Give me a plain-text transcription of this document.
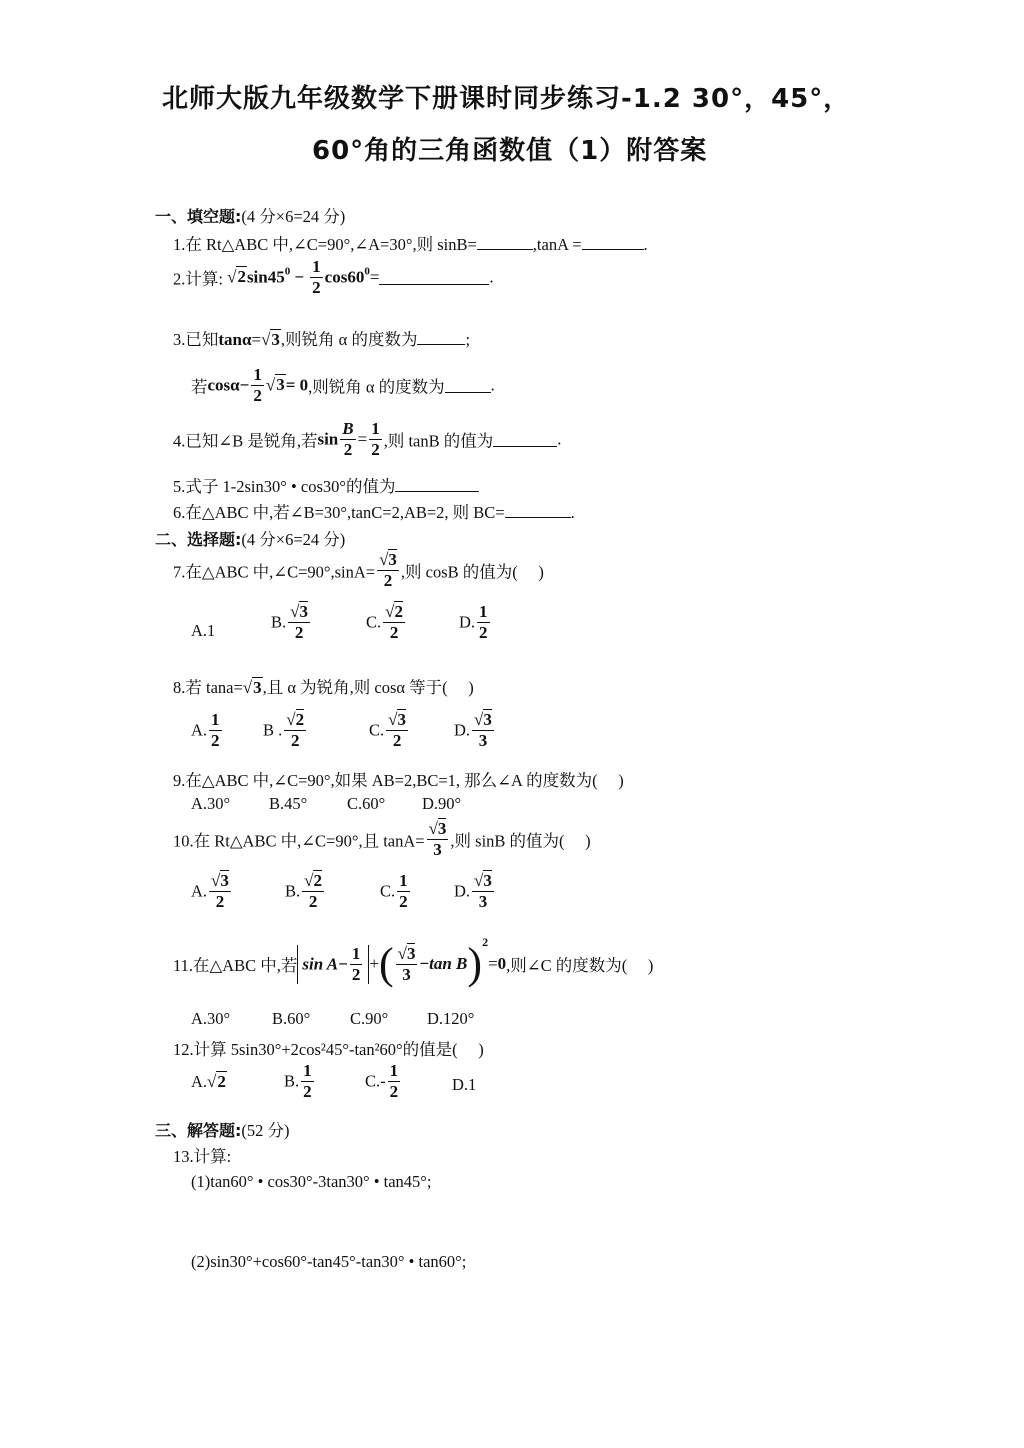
北师大版九年级数学下册课时同步练习-1.2 30°，45°，
60°角的三角函数值（1）附答案
一、填空题:(4 分×6=24 分)
1.在 Rt△ABC 中,∠C=90°,∠A=30°,则 sinB=	,tanA =	.
2.计算: $√2\sin 45^0 - \frac{1}{2} \cos 60^0=$	.
3.已知tanα=√3,则锐角 α 的度数为	;
若$\cos\alpha- \frac{1}{2} √3= 0$,则锐角 α 的度数为	.
4.已知∠B 是锐角,若$\sin \frac{B}{2} = \frac{1}{2}$ ,则 tanB 的值为	.
5.式子 1-2sin30° • cos30°的值为
6.在△ABC 中,若∠B=30°,tanC=2,AB=2, 则 BC=	.
二、选择题:(4 分×6=24 分)
7.在△ABC 中,∠C=90°,sinA= $\frac{√3}{2}$ ,则 cosB 的值为(　 )
A.1	B. $\frac{√3}{2}$	C. $\frac{√2}{2}$	D. $\frac{1}{2}$
8.若 tana=√3,且 α 为锐角,则 cosα 等于(　 )
A. $\frac{1}{2}$	B . $\frac{√2}{2}$	C. $\frac{√3}{2}$	D. $\frac{√3}{3}$
9.在△ABC 中,∠C=90°,如果 AB=2,BC=1, 那么∠A 的度数为(　 )
A.30° B.45° C.60° D.90°
10.在 Rt△ABC 中,∠C=90°,且 $\tan A= \frac{√3}{3}$ ,则 sinB 的值为(　 )
A. $\frac{√3}{2}$	B. $\frac{√2}{2}$	C. $\frac{1}{2}$	D. $\frac{√3}{3}$
11.在△ABC 中,若 $\sin A- \frac{1}{2}$ +( $\frac{√3}{3} -\tan$ B)$^2$=0,则∠C 的度数为(　 )
A.30°	B.60° C.90° D.120°
12.计算 5sin30°+2cos²45°-tan²60°的值是(　 )
A.√2	B. $\frac{1}{2}$	$C.- \frac{1}{2}$	D.1
三、解答题:(52 分)
13.计算:
(1)tan60° • cos30°-3tan30° • tan45°;
(2)sin30°+cos60°-tan45°-tan30° • tan60°;
